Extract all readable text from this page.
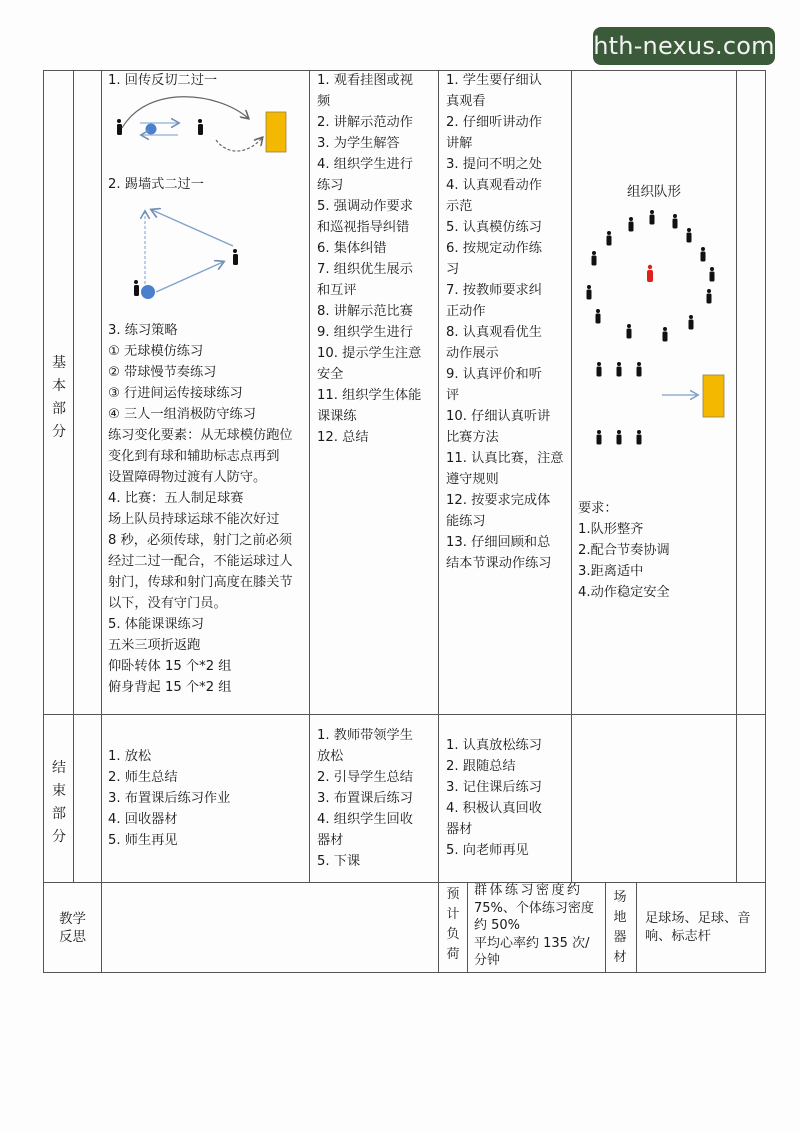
hth-nexus.com
基
本
部
分
1. 回传反切二过一
2. 踢墙式二过一
3. 练习策略
① 无球模仿练习
② 带球慢节奏练习
③ 行进间运传接球练习
④ 三人一组消极防守练习
练习变化要素：从无球模仿跑位
变化到有球和辅助标志点再到
设置障碍物过渡有人防守。
4. 比赛：五人制足球赛
场上队员持球运球不能次好过
8 秒，必须传球，射门之前必须
经过二过一配合，不能运球过人
射门，传球和射门高度在膝关节
以下，没有守门员。
5. 体能课课练习
五米三项折返跑
仰卧转体 15 个*2 组
俯身背起 15 个*2 组
1. 观看挂图或视
频
2. 讲解示范动作
3. 为学生解答
4. 组织学生进行
练习
5. 强调动作要求
和巡视指导纠错
6. 集体纠错
7. 组织优生展示
和互评
8. 讲解示范比赛
9. 组织学生进行
10. 提示学生注意
安全
11. 组织学生体能
课课练
12. 总结
1. 学生要仔细认
真观看
2. 仔细听讲动作
讲解
3. 提问不明之处
4. 认真观看动作
示范
5. 认真模仿练习
6. 按规定动作练
习
7. 按教师要求纠
正动作
8. 认真观看优生
动作展示
9. 认真评价和听
评
10. 仔细认真听讲
比赛方法
11. 认真比赛，注意
遵守规则
12. 按要求完成体
能练习
13. 仔细回顾和总
结本节课动作练习
组织队形
要求：
1.队形整齐
2.配合节奏协调
3.距离适中
4.动作稳定安全
结
束
部
分
1. 放松
2. 师生总结
3. 布置课后练习作业
4. 回收器材
5. 师生再见
1. 教师带领学生
放松
2. 引导学生总结
3. 布置课后练习
4. 组织学生回收
器材
5. 下课
1. 认真放松练习
2. 跟随总结
3. 记住课后练习
4. 积极认真回收
器材
5. 向老师再见
教学
反思
预
计
负
荷
群体练习密度约
75%、个体练习密度
约 50%
平均心率约 135 次/
分钟
场
地
器
材
足球场、足球、音
响、标志杆
